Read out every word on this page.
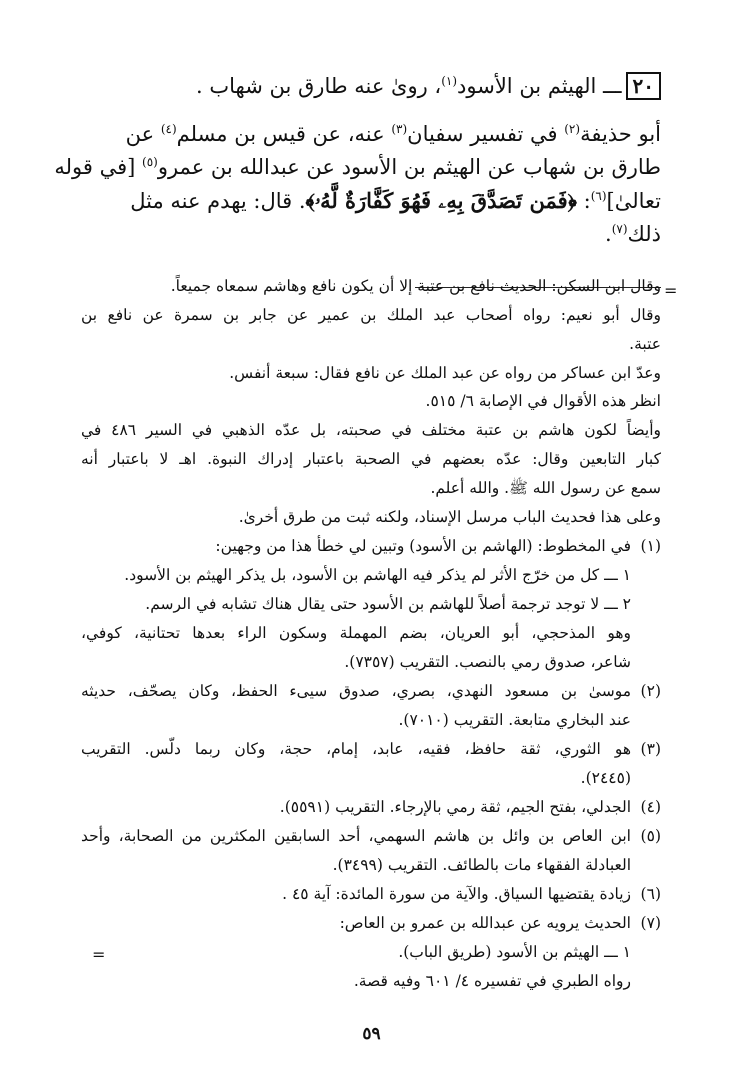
٢٠ـــ الهيثم بن الأسود$^{(١)}$، روىٰ عنه طارق بن شهاب .

أبو حذيفة$^{(٢)}$ في تفسير سفيان$^{(٣)}$ عنه، عن قيس بن مسلم$^{(٤)}$ عن
طارق بن شهاب عن الهيثم بن الأسود عن عبدالله بن عمرو$^{(٥)}$ [في قوله
تعالىٰ]$^{(٦)}$: ﴿فَمَن تَصَدَّقَ بِهِۦ فَهُوَ كَفَّارَةٌ لَّهُۥ﴾. قال: يهدم عنه مثل
ذلك$^{(٧)}$.

=
=
وقال ابن السكن: الحديث نافع بن عتبة إلا أن يكون نافع وهاشم سمعاه جميعاً.
وقال أبو نعيم: رواه أصحاب عبد الملك بن عمير عن جابر بن سمرة عن نافع بن
عتبة.
وعدّ ابن عساكر من رواه عن عبد الملك عن نافع فقال: سبعة أنفس.
انظر هذه الأقوال في الإصابة ٦/ ٥١٥.
وأيضاً لكون هاشم بن عتبة مختلف في صحبته، بل عدّه الذهبي في السير ٤٨٦ في
كبار التابعين وقال: عدّه بعضهم في الصحبة باعتبار إدراك النبوة. اهـ لا باعتبار أنه
سمع عن رسول الله ﷺ. والله أعلم.
وعلى هذا فحديث الباب مرسل الإسناد، ولكنه ثبت من طرق أخرىٰ.
(١)في المخطوط: (الهاشم بن الأسود) وتبين لي خطأ هذا من وجهين:
١ ـــ كل من خرّج الأثر لم يذكر فيه الهاشم بن الأسود، بل يذكر الهيثم بن الأسود.
٢ ـــ لا توجد ترجمة أصلاً للهاشم بن الأسود حتى يقال هناك تشابه في الرسم.
وهو المذحجي، أبو العريان، بضم المهملة وسكون الراء بعدها تحتانية، كوفي،
شاعر، صدوق رمي بالنصب. التقريب (٧٣٥٧).
(٢)موسىٰ بن مسعود النهدي، بصري، صدوق سيىء الحفظ، وكان يصحّف، حديثه
عند البخاري متابعة. التقريب (٧٠١٠).
(٣)هو الثوري، ثقة حافظ، فقيه، عابد، إمام، حجة، وكان ربما دلّس. التقريب
(٢٤٤٥).
(٤)الجدلي، بفتح الجيم، ثقة رمي بالإرجاء. التقريب (٥٥٩١).
(٥)ابن العاص بن وائل بن هاشم السهمي، أحد السابقين المكثرين من الصحابة، وأحد
العبادلة الفقهاء مات بالطائف. التقريب (٣٤٩٩).
(٦)زيادة يقتضيها السياق. والآية من سورة المائدة: آية ٤٥ .
(٧)الحديث يرويه عن عبدالله بن عمرو بن العاص:
١ ـــ الهيثم بن الأسود (طريق الباب).
رواه الطبري في تفسيره ٤/ ٦٠١ وفيه قصة.
٥٩
